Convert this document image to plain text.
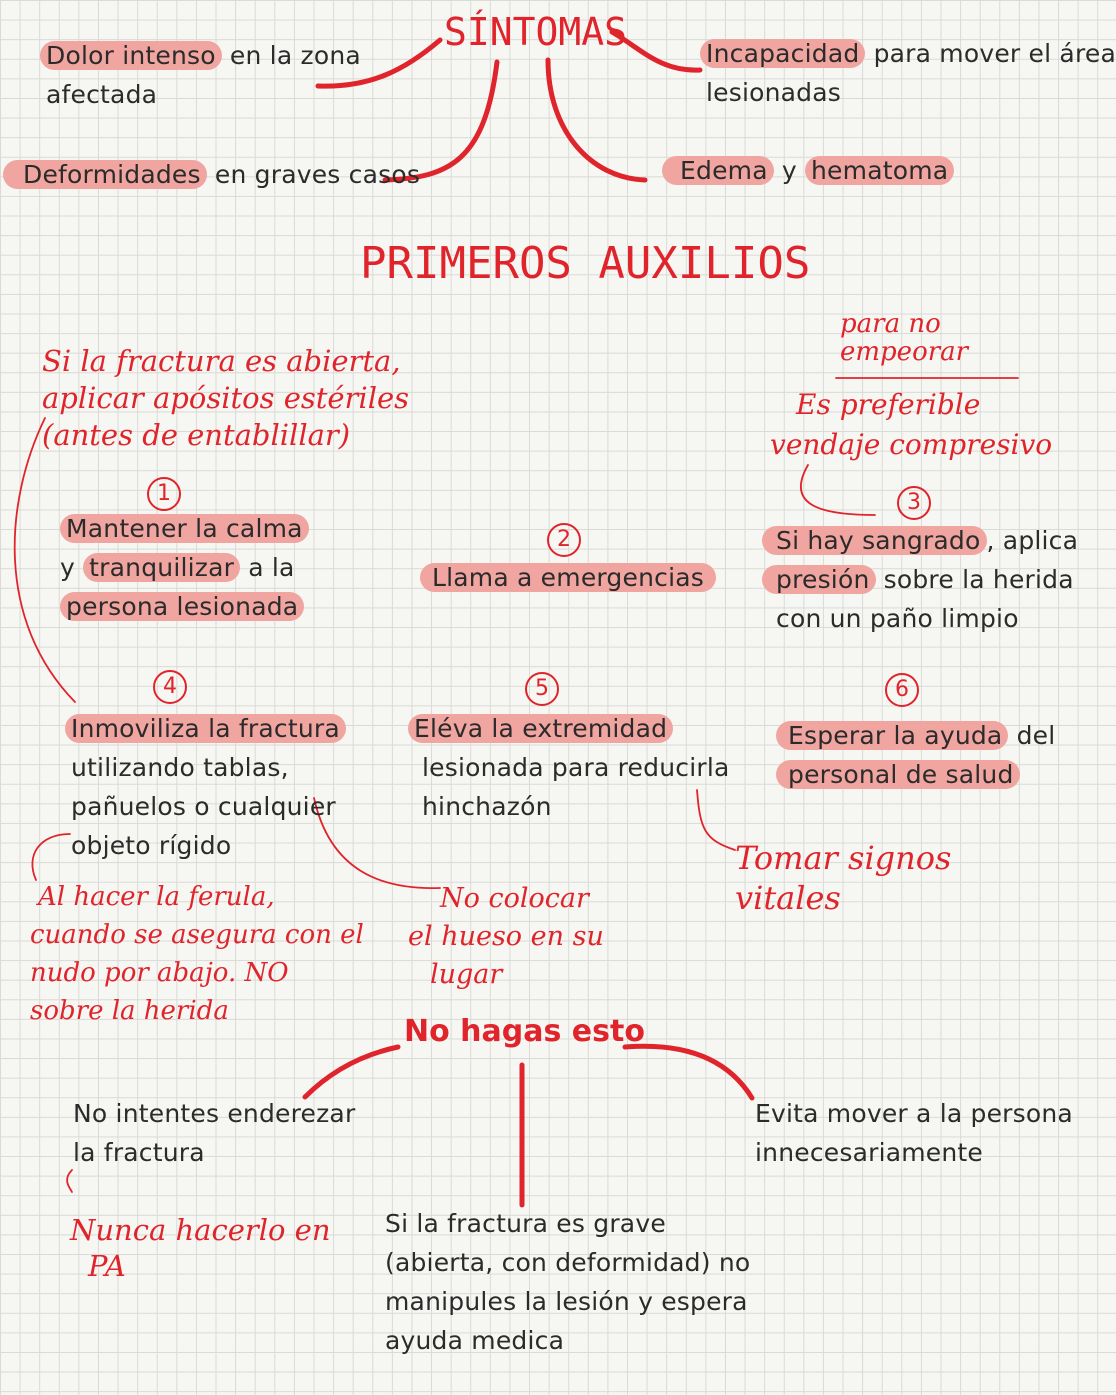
SÍNTOMAS
Dolor intenso en la zona
afectada
Deformidades en graves casos
Incapacidad para mover el área
lesionadas
Edema y hematoma
PRIMEROS AUXILIOS
Si la fractura es abierta,
aplicar apósitos estériles
(antes de entablillar)
para no
empeorar
Es preferible
vendaje compresivo
1
Mantener la calma
y tranquilizar a la
persona lesionada
2
Llama a emergencias
3
Si hay sangrado , aplica
presión sobre la herida
con un paño limpio
4
Inmoviliza la fractura
utilizando tablas,
pañuelos o cualquier
objeto rígido
5
Eléva la extremidad
lesionada para reducirla
hinchazón
6
Esperar la ayuda del
personal de salud
Al hacer la ferula,
cuando se asegura con el
nudo por abajo. NO
sobre la herida
No colocar
el hueso en su
lugar
Tomar signos
vitales
No hagas esto
No intentes enderezar
la fractura
Nunca hacerlo en
PA
Evita mover a la persona
innecesariamente
Si la fractura es grave
(abierta, con deformidad) no
manipules la lesión y espera
ayuda medica
